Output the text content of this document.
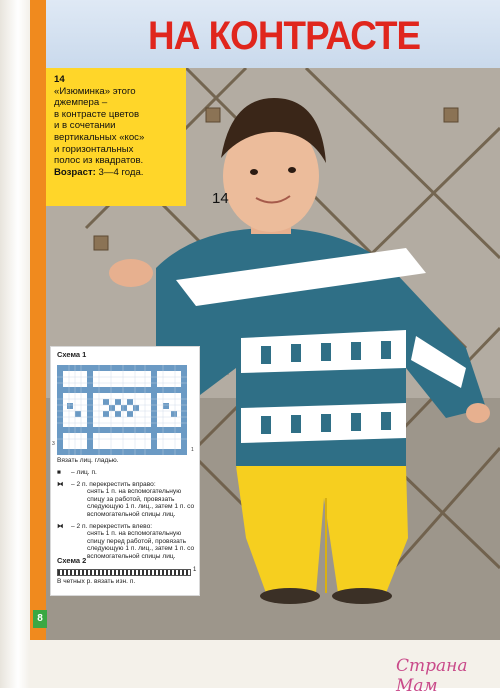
НА КОНТРАСТЕ
14
«Изюминка» этого
джемпера –
в контрасте цветов
и в сочетании
вертикальных «кос»
и горизонтальных
полос из квадратов.
Возраст: 3—4 года.
14
Схема 1
3
1
Вязать лиц. гладью.
■	– лиц. п.
⧓	– 2 п. перекрестить вправо:
снять 1 п. на вспомогательную спицу за работой, провязать следующую 1 п. лиц., затем 1 п. со вспомогательной спицы лиц.
⧓	– 2 п. перекрестить влево:
снять 1 п. на вспомогательную спицу перед работой, провязать следующую 1 п. лиц., затем 1 п. со вспомогательной спицы лиц.
Схема 2
1
В четных р. вязать изн. п.
8
Страна Мам
